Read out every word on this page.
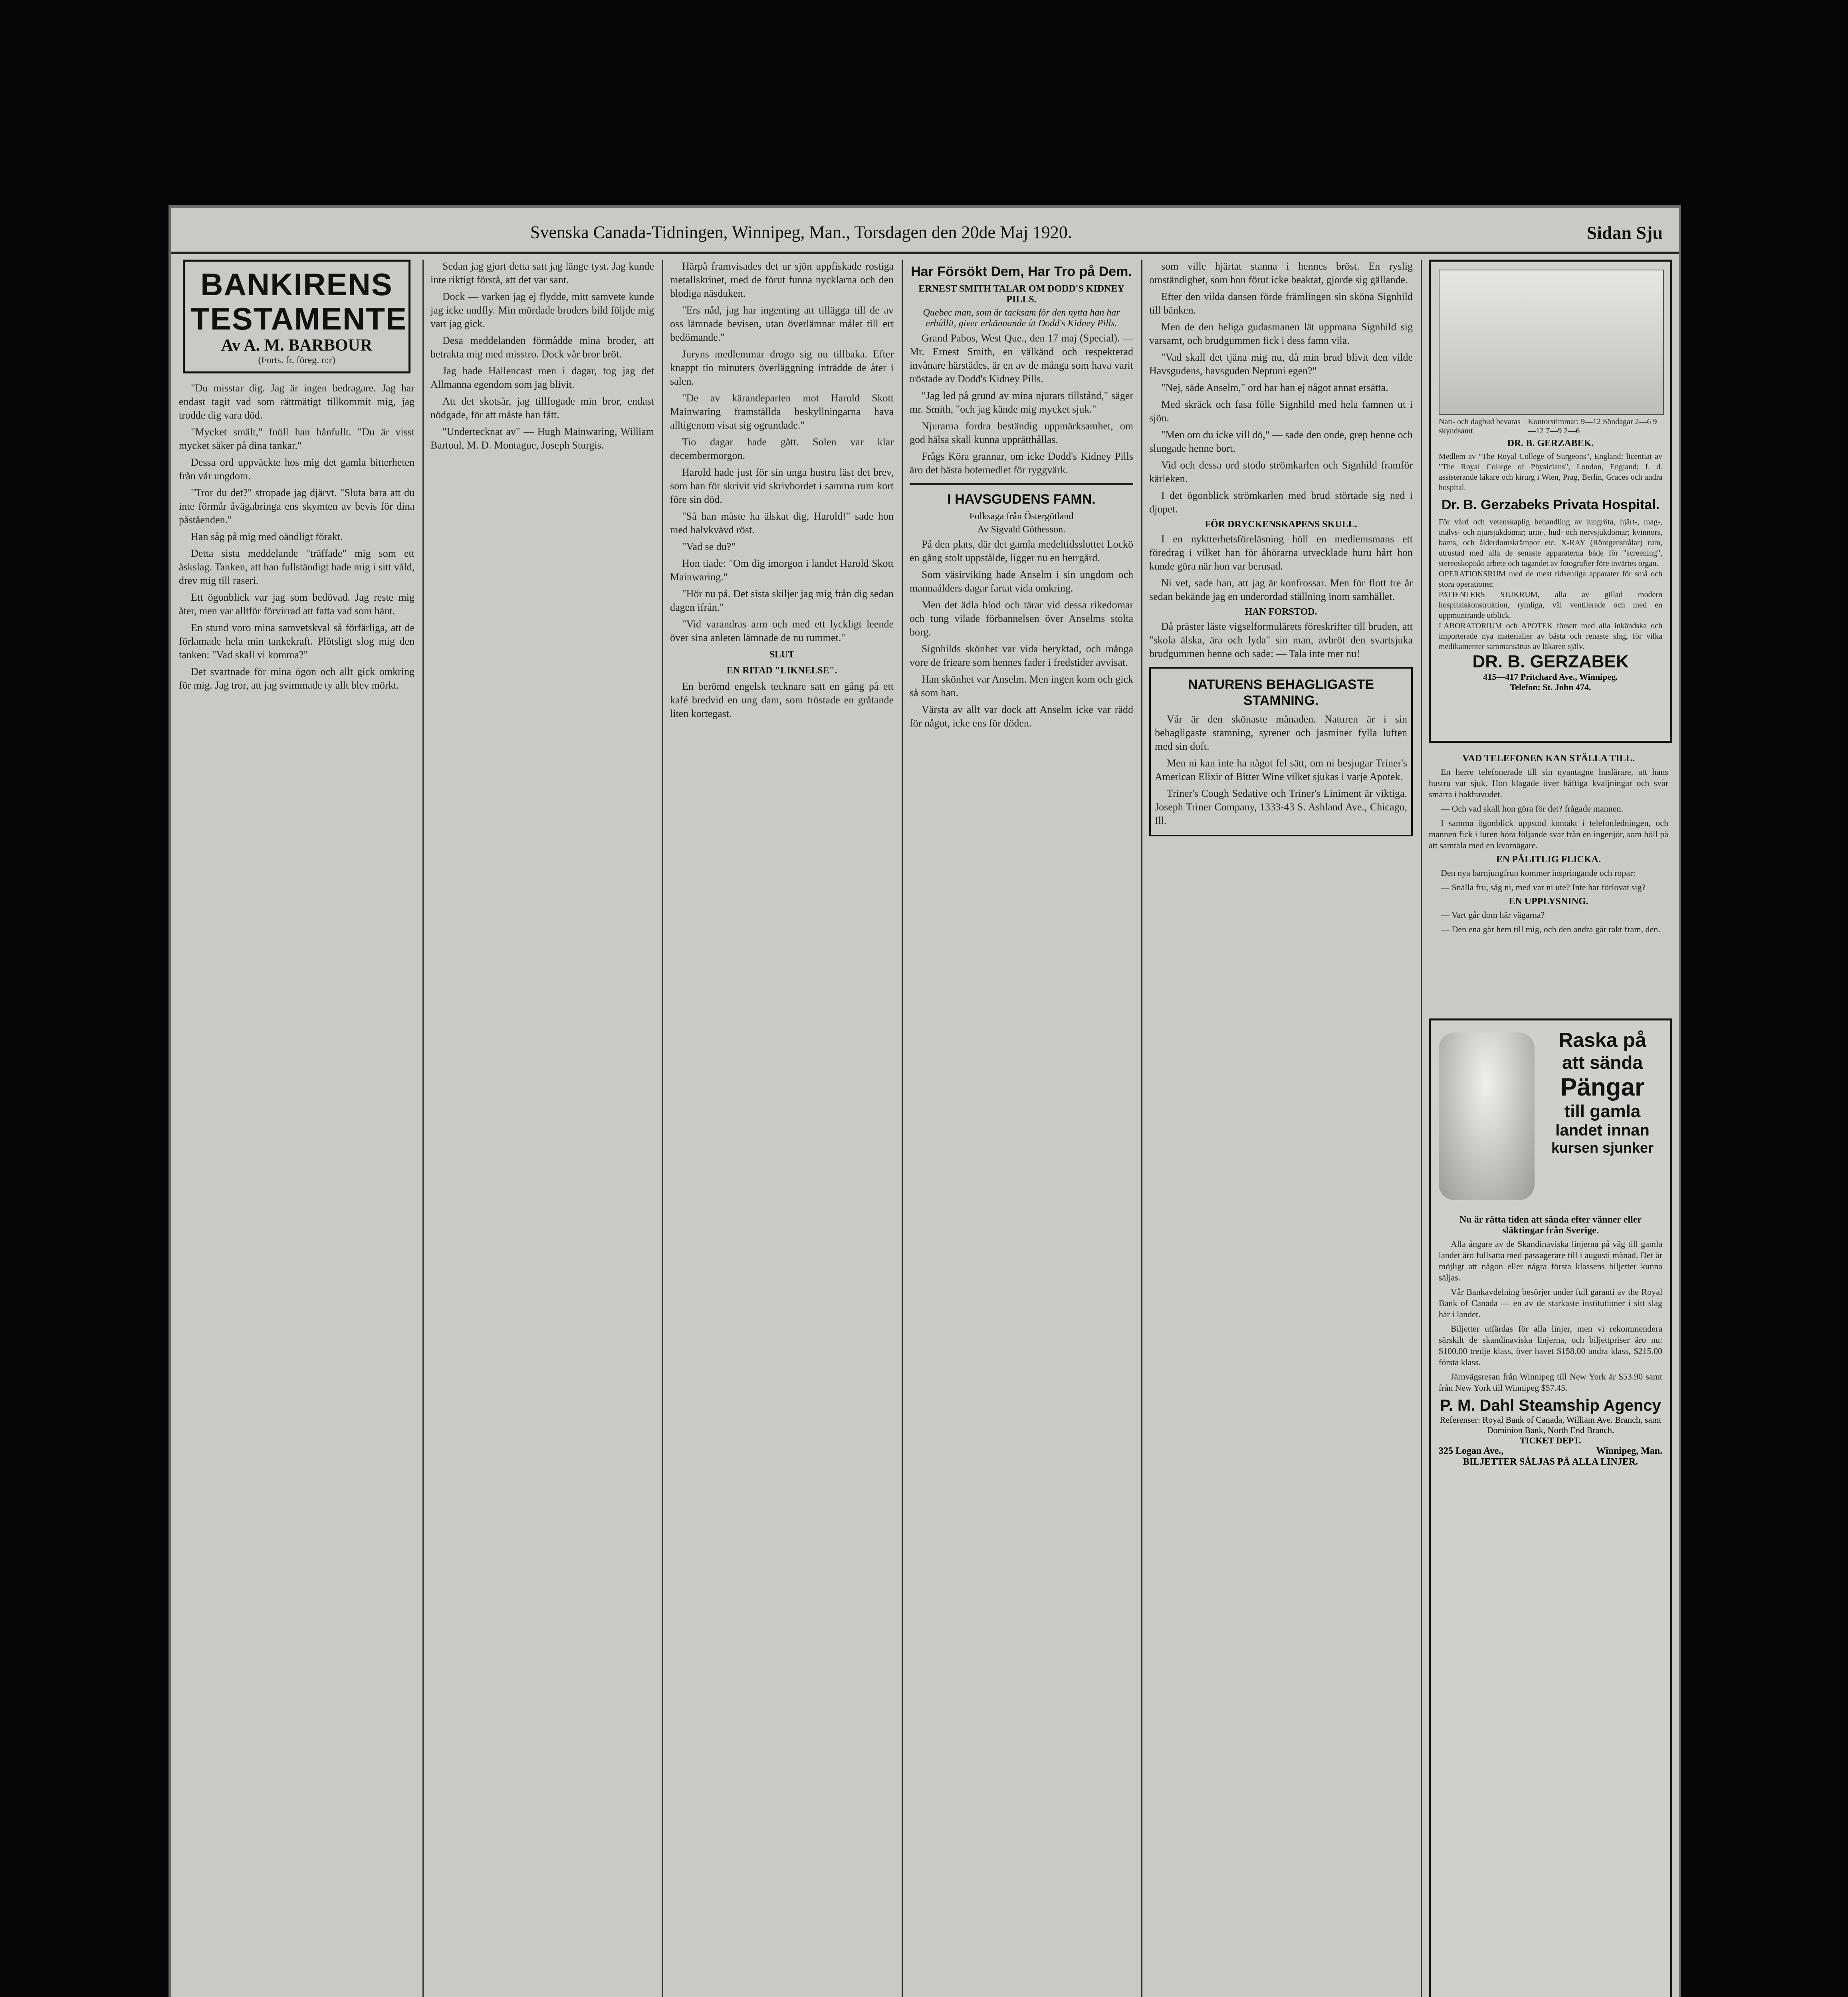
Svenska Canada-Tidningen, Winnipeg, Man., Torsdagen den 20de Maj 1920.	Sidan Sju
BANKIRENS TESTAMENTE
Av A. M. BARBOUR
(Forts. fr. föreg. n:r)

"Du misstar dig. Jag är ingen bedragare. Jag har endast tagit vad som rättmätigt tillkommit mig, jag trodde dig vara död.

"Mycket smält," fnöll han hånfullt. "Du är visst mycket säker på dina tankar."

Dessa ord uppväckte hos mig det gamla bitterheten från vår ungdom.

"Tror du det?" stropade jag djärvt. "Sluta bara att du inte förmår åvägabringa ens skymten av bevis för dina påståenden."

Han såg på mig med oändligt förakt.

Detta sista meddelande "träffade" mig som ett åskslag. Tanken, att han fullständigt hade mig i sitt våld, drev mig till raseri.

Ett ögonblick var jag som bedövad. Jag reste mig åter, men var alltför förvirrad att fatta vad som hänt.

En stund voro mina samvetskval så förfärliga, att de förlamade hela min tankekraft. Plötsligt slog mig den tanken: "Vad skall vi komma?"

Det svartnade för mina ögon och allt gick omkring för mig. Jag tror, att jag svimmade ty allt blev mörkt.

Sedan jag gjort detta satt jag länge tyst. Jag kunde inte riktigt förstå, att det var sant.

Dock — varken jag ej flydde, mitt samvete kunde jag icke undfly. Min mördade broders bild följde mig vart jag gick.

Desa meddelanden förmådde mina broder, att betrakta mig med misstro. Dock vår bror bröt.

Jag hade Hallencast men i dagar, tog jag det Allmanna egendom som jag blivit.

Att det skotsår, jag tillfogade min bror, endast nödgade, för att måste han fått.

"Undertecknat av" — Hugh Mainwaring, William Bartoul, M. D. Montague, Joseph Sturgis.

Härpå framvisades det ur sjön uppfiskade rostiga metallskrinet, med de förut funna nycklarna och den blodiga näsduken.

"Ers nåd, jag har ingenting att tillägga till de av oss lämnade bevisen, utan överlämnar målet till ert bedömande."

Juryns medlemmar drogo sig nu tillbaka. Efter knappt tio minuters överläggning inträdde de åter i salen.

"De av kärandeparten mot Harold Skott Mainwaring framställda beskyllningarna hava alltigenom visat sig ogrundade."

Tio dagar hade gått. Solen var klar decembermorgon.

Harold hade just för sin unga hustru läst det brev, som han för skrivit vid skrivbordet i samma rum kort före sin död.

"Så han måste ha älskat dig, Harold!" sade hon med halvkvävd röst.

"Vad se du?"

Hon tiade: "Om dig imorgon i landet Harold Skott Mainwaring."

"Hör nu på. Det sista skiljer jag mig från dig sedan dagen ifrån."

"Vid varandras arm och med ett lyckligt leende över sina anleten lämnade de nu rummet."

SLUT
EN RITAD "LIKNELSE".

En berömd engelsk tecknare satt en gång på ett kafé bredvid en ung dam, som tröstade en gråtande liten kortegast.

Har Försökt Dem, Har Tro på Dem.
ERNEST SMITH TALAR OM DODD'S KIDNEY PILLS.
Quebec man, som är tacksam för den nytta han har erhållit, giver erkännande åt Dodd's Kidney Pills.

Grand Pabos, West Que., den 17 maj (Special). — Mr. Ernest Smith, en välkänd och respekterad invånare härstädes, är en av de många som hava varit tröstade av Dodd's Kidney Pills.

"Jag led på grund av mina njurars tillstånd," säger mr. Smith, "och jag kände mig mycket sjuk."

Njurarna fordra beständig uppmärksamhet, om god hälsa skall kunna upprätthållas.

Frågs Köra grannar, om icke Dodd's Kidney Pills äro det bästa botemedlet för ryggvärk.

I HAVSGUDENS FAMN.
Folksaga från Östergötland
Av Sigvald Göthesson.

På den plats, där det gamla medeltidsslottet Lockö en gång stolt uppstålde, ligger nu en herrgård.

Som väsirviking hade Anselm i sin ungdom och mannaålders dagar fartat vida omkring.

Men det ädla blod och tärar vid dessa rikedomar och tung vilade förbannelsen över Anselms stolta borg.

Signhilds skönhet var vida beryktad, och många vore de frieare som hennes fader i fredstider avvisat.

Han skönhet var Anselm. Men ingen kom och gick så som han.

Värsta av allt var dock att Anselm icke var rädd för något, icke ens för döden.

som ville hjärtat stanna i hennes bröst. En ryslig omständighet, som hon förut icke beaktat, gjorde sig gällande.

Efter den vilda dansen förde främlingen sin sköna Signhild till bänken.

Men de den heliga gudasmanen lät uppmana Signhild sig varsamt, och brudgummen fick i dess famn vila.

"Vad skall det tjäna mig nu, då min brud blivit den vilde Havsgudens, havsguden Neptuni egen?"

"Nej, säde Anselm," ord har han ej något annat ersätta.

Med skräck och fasa fölle Signhild med hela famnen ut i sjön.

"Men om du icke vill dö," — sade den onde, grep henne och slungade henne bort.

Vid och dessa ord stodo strömkarlen och Signhild framför kärleken.

I det ögonblick strömkarlen med brud störtade sig ned i djupet.

FÖR DRYCKENSKAPENS SKULL.

I en nyktterhetsföreläsning höll en medlemsmans ett föredrag i vilket han för åhörarna utvecklade huru hårt hon kunde göra när hon var berusad.

Ni vet, sade han, att jag är konfrossar. Men för flott tre år sedan bekände jag en underordad ställning inom samhället.

HAN FORSTOD.

Då präster läste vigselformulärets föreskrifter till bruden, att "skola älska, ära och lyda" sin man, avbröt den svartsjuka brudgummen henne och sade: — Tala inte mer nu!

NATURENS BEHAGLIGASTE STAMNING.

Vår är den skönaste månaden. Naturen är i sin behagligaste stamning, syrener och jasminer fylla luften med sin doft.

Men ni kan inte ha något fel sätt, om ni besjugar Triner's American Elixir of Bitter Wine vilket sjukas i varje Apotek.

Triner's Cough Sedative och Triner's Liniment är viktiga. Joseph Triner Company, 1333-43 S. Ashland Ave., Chicago, Ill.

Natt- och dagbud bevaras skyndsamt.
Kontorstimmar: 9—12 Söndagar 2—6 9—12 7—9 2—6
DR. B. GERZABEK.
Medlem av "The Royal College of Surgeons", England; licentiat av "The Royal College of Physicians", London, England; f. d. assisterande läkare och kirurg i Wien, Prag, Berlin, Graces och andra hospital.
Dr. B. Gerzabeks Privata Hospital.
För vård och vetenskaplig behandling av lungröta, hjärt-, mag-, inälvs- och njursjukdomar; urin-, hud- och nervsjukdomar; kvinnors, barns, och ålderdomskrämpor etc. X-RAY (Röntgenstrålar) rum, utrustad med alla de senaste apparaterna både för "screening", stereoskopiskt arbete och tagandet av fotografier före invärtes organ.
OPERATIONSRUM med de mest tidsenliga apparater för små och stora operationer.
PATIENTERS SJUKRUM, alla av gillad modern hospitalskonstruktion, rymliga, väl ventilerade och med en uppmuntrande utblick.
LABORATORIUM och APOTEK försett med alla inkändska och importerade nya materialier av bästa och renaste slag, för vilka medikamenter sammansättas av läkaren själv.
DR. B. GERZABEK
415—417 Pritchard Ave., Winnipeg.
Telefon: St. John 474.
VAD TELEFONEN KAN STÄLLA TILL.

En herre telefonerade till sin nyantagne huslärare, att hans hustru var sjuk. Hon klagade över häftiga kvaljningar och svår smärta i bakhuvudet.

— Och vad skall hon göra för det? frågade mannen.

I samma ögonblick uppstod kontakt i telefonledningen, och mannen fick i luren höra följande svar från en ingenjör, som höll på att samtala med en kvarnägare.

EN PÅLITLIG FLICKA.

Den nya barnjungfrun kommer inspringande och ropar:

— Snälla fru, såg ni, med var ni ute? Inte har förlovat sig?

EN UPPLYSNING.

— Vart går dom här vägarna?

— Den ena går hem till mig, och den andra går rakt fram, den.

Raska på
att sända
Pängar
till gamla
landet innan
kursen sjunker
Nu är rätta tiden att sända efter vänner eller släktingar från Sverige.

Alla ångare av de Skandinaviska linjerna på väg till gamla landet äro fullsatta med passagerare till i augusti månad. Det är möjligt att någon eller några första klassens biljetter kunna säljas.

Vår Bankavdelning besörjer under full garanti av the Royal Bank of Canada — en av de starkaste institutioner i sitt slag här i landet.

Biljetter utfärdas för alla linjer, men vi rekommendera särskilt de skandinaviska linjerna, och biljettpriser äro nu: $100.00 tredje klass, över havet $158.00 andra klass, $215.00 första klass.

Järnvägsresan från Winnipeg till New York är $53.90 samt från New York till Winnipeg $57.45.

P. M. Dahl Steamship Agency
Referenser: Royal Bank of Canada, William Ave. Branch, samt Dominion Bank, North End Branch.
TICKET DEPT.
325 Logan Ave.,	Winnipeg, Man.
BILJETTER SÄLJAS PÅ ALLA LINJER.
